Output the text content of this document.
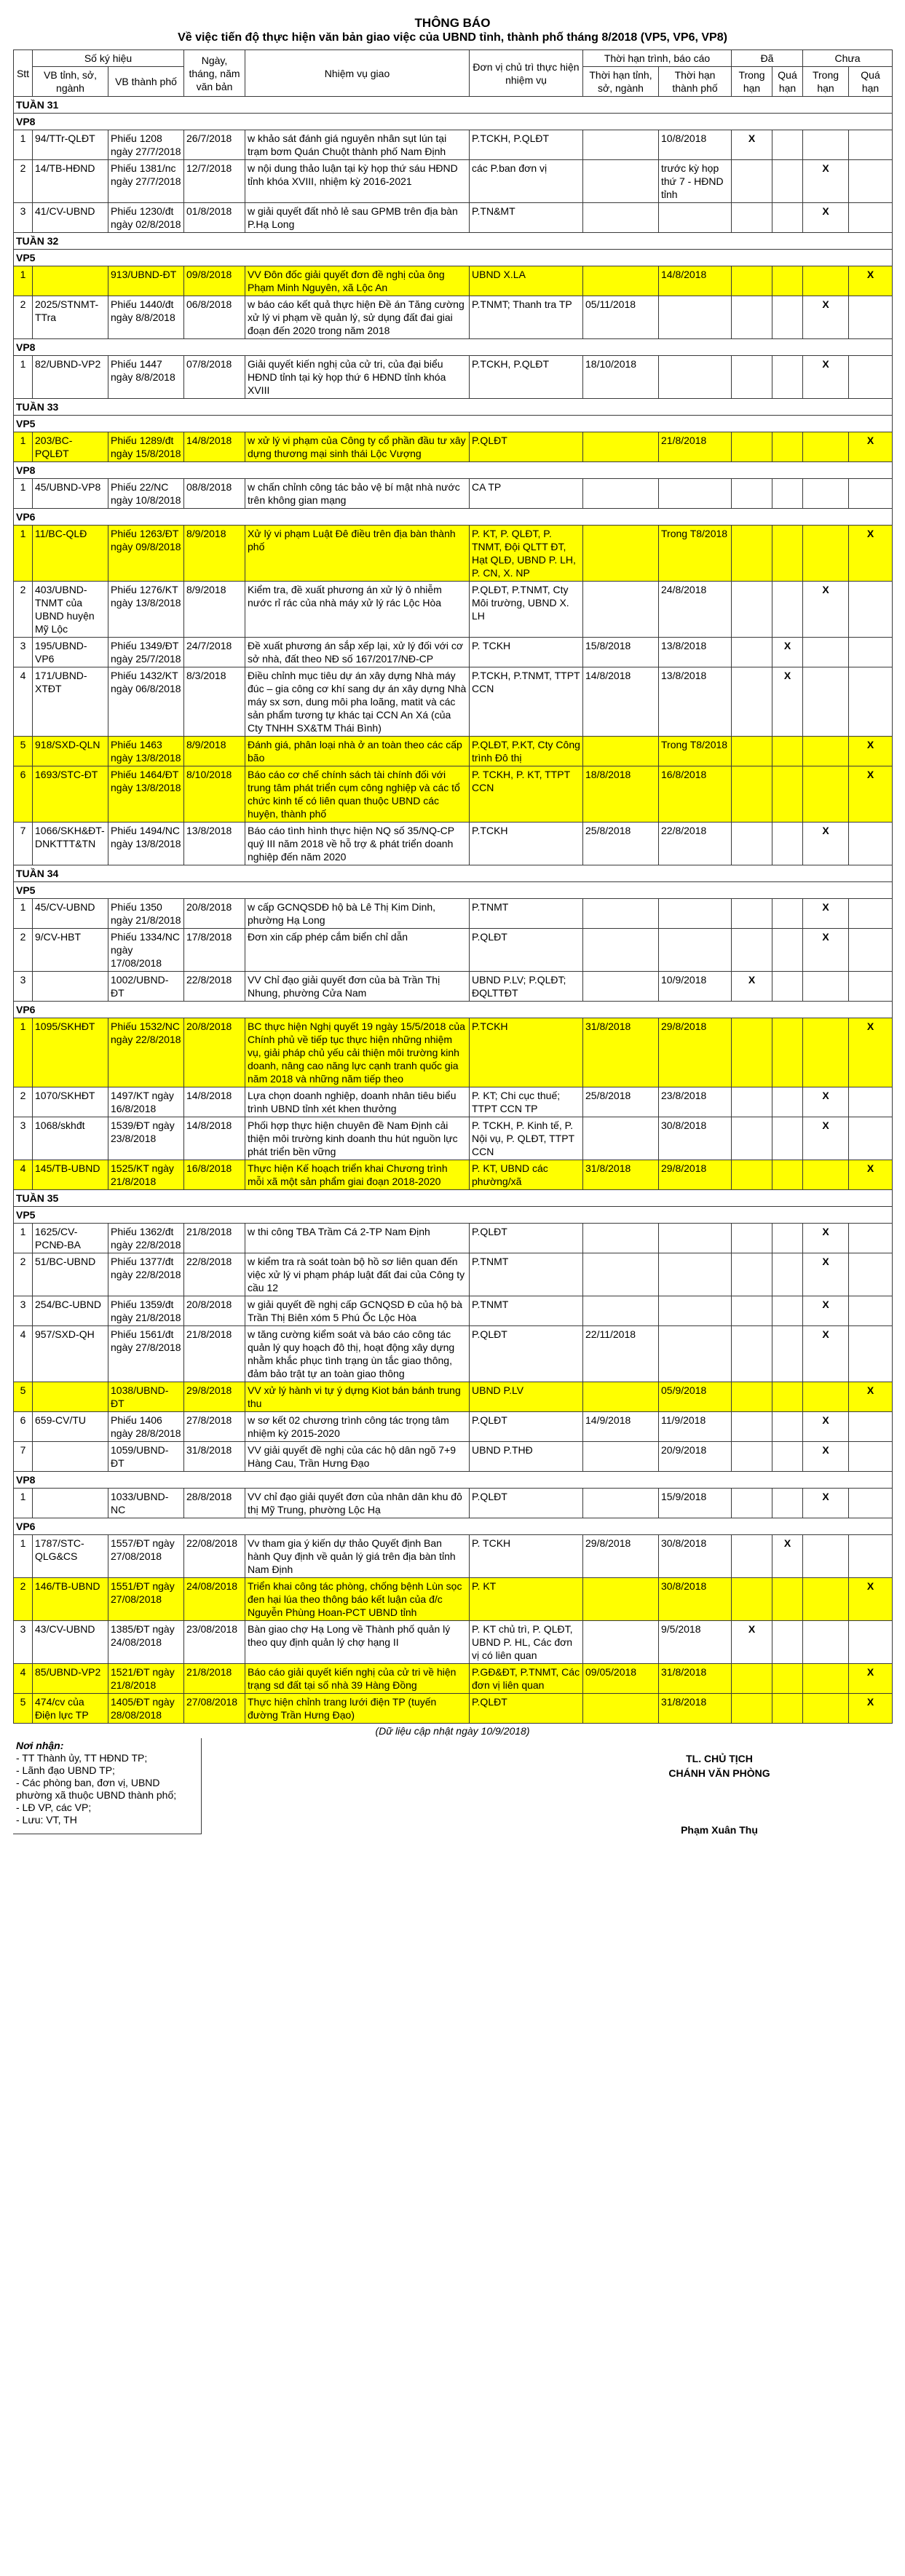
THÔNG BÁO
Về việc tiến độ thực hiện văn bản giao việc của UBND tỉnh, thành phố tháng 8/2018 (VP5, VP6, VP8)
Stt	Số ký hiệu		Ngày, tháng, năm văn bản	Nhiệm vụ giao	Đơn vị chủ trì thực hiện nhiệm vụ	Thời hạn trình, báo cáo		Đã		Chưa	
	VB tỉnh, sở, ngành	VB thành phố				Thời hạn tỉnh, sở, ngành	Thời hạn thành phố	Trong hạn	Quá hạn	Trong hạn	Quá hạn

TUẦN 31											
VP8											
1	94/TTr-QLĐT	Phiếu 1208 ngày 27/7/2018	26/7/2018	w khảo sát đánh giá nguyên nhân sụt lún tại trạm bơm Quán Chuột thành phố Nam Định	P.TCKH, P.QLĐT		10/8/2018	X			
2	14/TB-HĐND	Phiếu 1381/nc ngày 27/7/2018	12/7/2018	w nội dung thảo luận tại kỳ họp thứ sáu HĐND tỉnh khóa XVIII, nhiệm kỳ 2016-2021	các P.ban đơn vị		trước kỳ họp thứ 7 - HĐND tỉnh			X	
3	41/CV-UBND	Phiếu 1230/đt ngày 02/8/2018	01/8/2018	w giải quyết đất nhỏ lẻ sau GPMB trên địa bàn P.Hạ Long	P.TN&MT					X	
TUẦN 32											
VP5											
1		913/UBND-ĐT	09/8/2018	VV Đôn đốc giải quyết đơn đề nghị của ông Phạm Minh Nguyên, xã Lộc An	UBND X.LA		14/8/2018				X
2	2025/STNMT-TTra	Phiếu 1440/đt ngày 8/8/2018	06/8/2018	w báo cáo kết quả thực hiện Đề án Tăng cường xử lý vi phạm về quản lý, sử dụng đất đai giai đoạn đến 2020 trong năm 2018	P.TNMT; Thanh tra TP	05/11/2018				X	
VP8											
1	82/UBND-VP2	Phiếu 1447 ngày 8/8/2018	07/8/2018	Giải quyết kiến nghị của cử tri, của đại biểu HĐND tỉnh tại kỳ họp thứ 6 HĐND tỉnh khóa XVIII	P.TCKH, P.QLĐT	18/10/2018				X	
TUẦN 33											
VP5											
1	203/BC-PQLĐT	Phiếu 1289/đt ngày 15/8/2018	14/8/2018	w xử lý vi phạm của Công ty cổ phần đầu tư xây dựng thương mại sinh thái Lộc Vượng	P.QLĐT		21/8/2018				X
VP8											
1	45/UBND-VP8	Phiếu 22/NC ngày 10/8/2018	08/8/2018	w chấn chỉnh công tác bảo vệ bí mật nhà nước trên không gian mạng	CA TP						
VP6											
1	11/BC-QLĐ	Phiếu 1263/ĐT ngày 09/8/2018	8/9/2018	Xử lý vi phạm Luật Đê điều trên địa bàn thành phố	P. KT, P. QLĐT, P. TNMT, Đội QLTT ĐT, Hạt QLĐ, UBND P. LH, P. CN, X. NP		Trong T8/2018				X
2	403/UBND-TNMT của UBND huyện Mỹ Lộc	Phiếu 1276/KT ngày 13/8/2018	8/9/2018	Kiểm tra, đề xuất phương án xử lý ô nhiễm nước rỉ rác của nhà máy xử lý rác Lộc Hòa	P.QLĐT, P.TNMT, Cty Môi trường, UBND X. LH		24/8/2018			X	
3	195/UBND-VP6	Phiếu 1349/ĐT ngày 25/7/2018	24/7/2018	Đề xuất phương án sắp xếp lại, xử lý đối với cơ sở nhà, đất theo NĐ số 167/2017/NĐ-CP	P. TCKH	15/8/2018	13/8/2018		X		
4	171/UBND-XTĐT	Phiếu 1432/KT ngày 06/8/2018	8/3/2018	Điều chỉnh mục tiêu dự án xây dựng Nhà máy đúc – gia công cơ khí sang dự án xây dựng Nhà máy sx sơn, dung môi pha loãng, matit và các sản phẩm tương tự khác tại CCN An Xá (của Cty TNHH SX&TM Thái Bình)	P.TCKH, P.TNMT, TTPT CCN	14/8/2018	13/8/2018		X		
5	918/SXD-QLN	Phiếu 1463 ngày 13/8/2018	8/9/2018	Đánh giá, phân loại nhà ở an toàn theo các cấp bão	P.QLĐT, P.KT, Cty Công trình Đô thị		Trong T8/2018				X
6	1693/STC-ĐT	Phiếu 1464/ĐT ngày 13/8/2018	8/10/2018	Báo cáo cơ chế chính sách tài chính đối với trung tâm phát triển cụm công nghiệp và các tổ chức kinh tế có liên quan thuộc UBND các huyện, thành phố	P. TCKH, P. KT, TTPT CCN	18/8/2018	16/8/2018				X
7	1066/SKH&ĐT-DNKTTT&TN	Phiếu 1494/NC ngày 13/8/2018	13/8/2018	Báo cáo tình hình thực hiện NQ số 35/NQ-CP quý III năm 2018 về hỗ trợ & phát triển doanh nghiệp đến năm 2020	P.TCKH	25/8/2018	22/8/2018			X	
TUẦN 34											
VP5											
1	45/CV-UBND	Phiếu 1350 ngày 21/8/2018	20/8/2018	w cấp GCNQSDĐ hộ bà Lê Thị Kim Dinh, phường Hạ Long	P.TNMT					X	
2	9/CV-HBT	Phiếu 1334/NC ngày 17/08/2018	17/8/2018	Đơn xin cấp phép cắm biển chỉ dẫn	P.QLĐT					X	
3		1002/UBND-ĐT	22/8/2018	VV Chỉ đạo giải quyết đơn của bà Trần Thị Nhung, phường Cửa Nam	UBND P.LV; P.QLĐT; ĐQLTTĐT		10/9/2018	X			
VP6											
1	1095/SKHĐT	Phiếu 1532/NC ngày 22/8/2018	20/8/2018	BC thực hiện Nghị quyết 19 ngày 15/5/2018 của Chính phủ về tiếp tục thực hiện những nhiệm vụ, giải pháp chủ yếu cải thiện môi trường kinh doanh, nâng cao năng lực cạnh tranh quốc gia năm 2018 và những năm tiếp theo	P.TCKH	31/8/2018	29/8/2018				X
2	1070/SKHĐT	1497/KT ngày 16/8/2018	14/8/2018	Lựa chọn doanh nghiệp, doanh nhân tiêu biểu trình UBND tỉnh xét khen thưởng	P. KT; Chi cục thuế; TTPT CCN TP	25/8/2018	23/8/2018			X	
3	1068/skhđt	1539/ĐT ngày 23/8/2018	14/8/2018	Phối hợp thực hiện chuyên đề Nam Định cải thiện môi trường kinh doanh thu hút nguồn lực phát triển bền vững	P. TCKH, P. Kinh tế, P. Nội vụ, P. QLĐT, TTPT CCN		30/8/2018			X	
4	145/TB-UBND	1525/KT ngày 21/8/2018	16/8/2018	Thực hiện Kế hoạch triển khai Chương trình mỗi xã một sản phẩm giai đoạn 2018-2020	P. KT, UBND các phường/xã	31/8/2018	29/8/2018				X
TUẦN 35											
VP5											
1	1625/CV-PCNĐ-BA	Phiếu 1362/đt ngày 22/8/2018	21/8/2018	w thi công TBA Trầm Cá 2-TP Nam Định	P.QLĐT					X	
2	51/BC-UBND	Phiếu 1377/đt ngày 22/8/2018	22/8/2018	w kiểm tra rà soát toàn bộ hồ sơ liên quan đến việc xử lý vi phạm pháp luật đất đai của Công ty cầu 12	P.TNMT					X	
3	254/BC-UBND	Phiếu 1359/đt ngày 21/8/2018	20/8/2018	w giải quyết đề nghị cấp GCNQSD Đ của hộ bà Trần Thị Biên xóm 5 Phú Ốc Lộc Hòa	P.TNMT					X	
4	957/SXD-QH	Phiếu 1561/đt ngày 27/8/2018	21/8/2018	w tăng cường kiểm soát và báo cáo công tác quản lý quy hoạch đô thị, hoạt động xây dựng nhằm khắc phục tình trạng ùn tắc giao thông, đảm bảo trật tự an toàn giao thông	P.QLĐT	22/11/2018				X	
5		1038/UBND-ĐT	29/8/2018	VV xử lý hành vi tự ý dựng Kiot bán bánh trung thu	UBND P.LV		05/9/2018				X
6	659-CV/TU	Phiếu 1406 ngày 28/8/2018	27/8/2018	w sơ kết 02 chương trình công tác trọng tâm nhiệm kỳ 2015-2020	P.QLĐT	14/9/2018	11/9/2018			X	
7		1059/UBND-ĐT	31/8/2018	VV giải quyết đề nghị của các hộ dân ngõ 7+9 Hàng Cau, Trần Hưng Đạo	UBND P.THĐ		20/9/2018			X	
VP8											
1		1033/UBND-NC	28/8/2018	VV chỉ đạo giải quyết đơn của nhân dân khu đô thị Mỹ Trung, phường Lộc Hạ	P.QLĐT		15/9/2018			X	
VP6											
1	1787/STC-QLG&CS	1557/ĐT ngày 27/08/2018	22/08/2018	Vv tham gia ý kiến dự thảo Quyết định Ban hành Quy định về quản lý giá trên địa bàn tỉnh Nam Định	P. TCKH	29/8/2018	30/8/2018		X		
2	146/TB-UBND	1551/ĐT ngày 27/08/2018	24/08/2018	Triển khai công tác phòng, chống bệnh Lùn sọc đen hại lúa theo thông báo kết luận của đ/c Nguyễn Phùng Hoan-PCT UBND tỉnh	P. KT		30/8/2018				X
3	43/CV-UBND	1385/ĐT ngày 24/08/2018	23/08/2018	Bàn giao chợ Hạ Long về Thành phố quản lý theo quy định quản lý chợ hạng II	P. KT chủ trì, P. QLĐT, UBND P. HL, Các đơn vị có liên quan		9/5/2018	X			
4	85/UBND-VP2	1521/ĐT ngày 21/8/2018	21/8/2018	Báo cáo giải quyết kiến nghị của cử tri về hiện trạng sd đất tại số nhà 39 Hàng Đồng	P.GĐ&ĐT, P.TNMT, Các đơn vị liên quan	09/05/2018	31/8/2018				X
5	474/cv của Điện lực TP	1405/ĐT ngày 28/08/2018	27/08/2018	Thực hiện chỉnh trang lưới điện TP (tuyến đường Trần Hưng Đạo)	P.QLĐT		31/8/2018				X
(Dữ liệu cập nhật ngày 10/9/2018)
Nơi nhận:
- TT Thành ủy, TT HĐND TP;
- Lãnh đạo UBND TP;
- Các phòng ban, đơn vị, UBND phường xã thuộc UBND thành phố;
- LĐ VP, các VP;
- Lưu: VT, TH
TL. CHỦ TỊCH
CHÁNH VĂN PHÒNG
Phạm Xuân Thụ
